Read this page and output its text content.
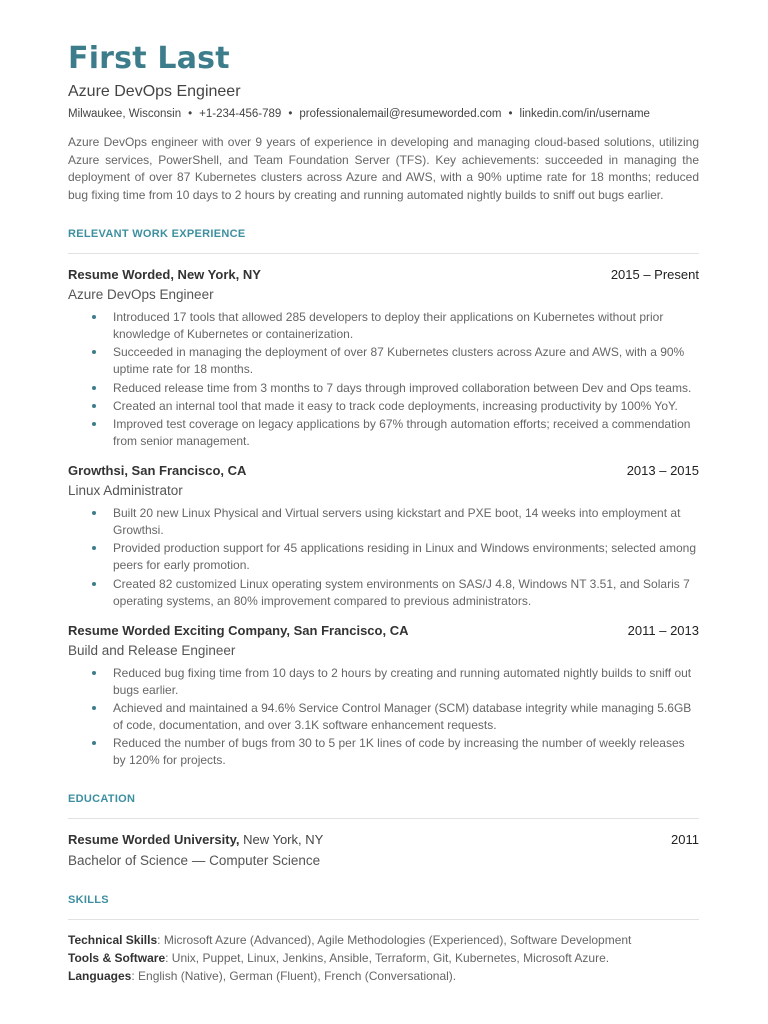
First Last
Azure DevOps Engineer
Milwaukee, Wisconsin • +1-234-456-789 • professionalemail@resumeworded.com • linkedin.com/in/username
Azure DevOps engineer with over 9 years of experience in developing and managing cloud-based solutions, utilizing Azure services, PowerShell, and Team Foundation Server (TFS). Key achievements: succeeded in managing the deployment of over 87 Kubernetes clusters across Azure and AWS, with a 90% uptime rate for 18 months; reduced bug fixing time from 10 days to 2 hours by creating and running automated nightly builds to sniff out bugs earlier.
RELEVANT WORK EXPERIENCE
Resume Worded, New York, NY	2015 – Present
Azure DevOps Engineer
Introduced 17 tools that allowed 285 developers to deploy their applications on Kubernetes without prior knowledge of Kubernetes or containerization.
Succeeded in managing the deployment of over 87 Kubernetes clusters across Azure and AWS, with a 90% uptime rate for 18 months.
Reduced release time from 3 months to 7 days through improved collaboration between Dev and Ops teams.
Created an internal tool that made it easy to track code deployments, increasing productivity by 100% YoY.
Improved test coverage on legacy applications by 67% through automation efforts; received a commendation from senior management.
Growthsi, San Francisco, CA	2013 – 2015
Linux Administrator
Built 20 new Linux Physical and Virtual servers using kickstart and PXE boot, 14 weeks into employment at Growthsi.
Provided production support for 45 applications residing in Linux and Windows environments; selected among peers for early promotion.
Created 82 customized Linux operating system environments on SAS/J 4.8, Windows NT 3.51, and Solaris 7 operating systems, an 80% improvement compared to previous administrators.
Resume Worded Exciting Company, San Francisco, CA	2011 – 2013
Build and Release Engineer
Reduced bug fixing time from 10 days to 2 hours by creating and running automated nightly builds to sniff out bugs earlier.
Achieved and maintained a 94.6% Service Control Manager (SCM) database integrity while managing 5.6GB of code, documentation, and over 3.1K software enhancement requests.
Reduced the number of bugs from 30 to 5 per 1K lines of code by increasing the number of weekly releases by 120% for projects.
EDUCATION
Resume Worded University, New York, NY	2011
Bachelor of Science — Computer Science
SKILLS
Technical Skills: Microsoft Azure (Advanced), Agile Methodologies (Experienced), Software Development
Tools & Software: Unix, Puppet, Linux, Jenkins, Ansible, Terraform, Git, Kubernetes, Microsoft Azure.
Languages: English (Native), German (Fluent), French (Conversational).
